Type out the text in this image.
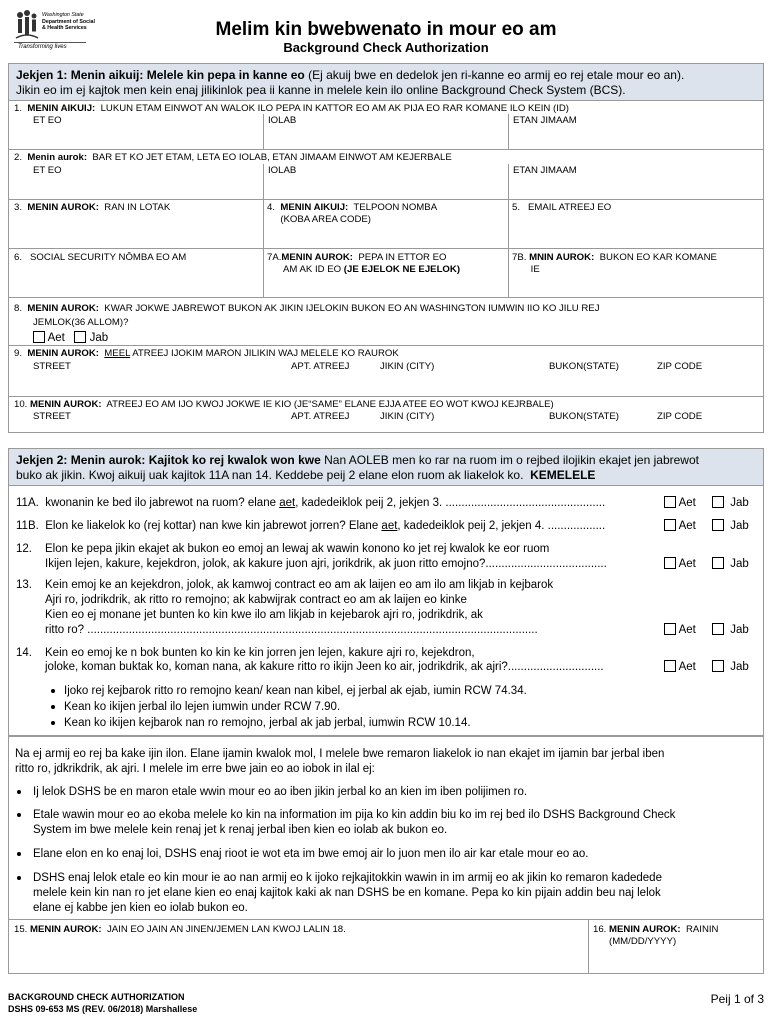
Washington State
Department of Social
& Health Services
Transforming lives
Melim kin bwebwenato in mour eo am
Background Check Authorization
Jekjen 1: Menin aikuij: Melele kin pepa in kanne eo (Ej akuij bwe en dedelok jen ri-kanne eo armij eo rej etale mour eo an).
Jikin eo im ej kajtok men kein enaj jilikinlok pea ii kanne in melele kein ilo online Background Check System (BCS).
1. MENIN AIKUIJ: LUKUN ETAM EINWOT AN WALOK ILO PEPA IN KATTOR EO AM AK PIJA EO RAR KOMANE ILO KEIN (ID)
ET EO	IOLAB	ETAN JIMAAM
2. Menin aurok: BAR ET KO JET ETAM, LETA EO IOLAB, ETAN JIMAAM EINWOT AM KEJERBALE
ET EO	IOLAB	ETAN JIMAAM
3. MENIN AUROK: RAN IN LOTAK	4. MENIN AIKUIJ: TELPOON NOMBA
(KOBA AREA CODE)
5. EMAIL ATREEJ EO
6. SOCIAL SECURITY NŌMBA EO AM	7A.MENIN AUROK: PEPA IN ETTOR EO
AM AK ID EO (JE EJELOK NE EJELOK)
7B. MNIN AUROK: BUKON EO KAR KOMANE
IE
8. MENIN AUROK: KWAR JOKWE JABREWOT BUKON AK JIKIN IJELOKIN BUKON EO AN WASHINGTON IUMWIN IIO KO JILU REJ
JEMLOK(36 ALLOM)?
Aet Jab
9. MENIN AUROK: MEEL ATREEJ IJOKIM MARON JILIKIN WAJ MELELE KO RAUROK
STREET	APT. ATREEJ	JIKIN (CITY)	BUKON(STATE)	ZIP CODE
10. MENIN AUROK: ATREEJ EO AM IJO KWOJ JOKWE IE KIO (JE“SAME” ELANE EJJA ATEE EO WOT KWOJ KEJRBALE)
STREET	APT. ATREEJ	JIKIN (CITY)	BUKON(STATE)	ZIP CODE
Jekjen 2: Menin aurok: Kajitok ko rej kwalok won kwe Nan AOLEB men ko rar na ruom im o rejbed ilojikin ekajet jen jabrewot
buko ak jikin. Kwoj aikuij uak kajitok 11A nan 14. Keddebe peij 2 elane elon ruom ak liakelok ko. KEMELELE
11A. kwonanin ke bed ilo jabrewot na ruom? elane aet, kadedeiklok peij 2, jekjen 3. ..................................................	Aet	Jab
11B. Elon ke liakelok ko (rej kottar) nan kwe kin jabrewot jorren? Elane aet, kadedeiklok peij 2, jekjen 4. ..................	Aet	Jab
12. Elon ke pepa jikin ekajet ak bukon eo emoj an lewaj ak wawin konono ko jet rej kwalok ke eor ruom
Ikijen lejen, kakure, kejekdron, jolok, ak kakure juon ajri, jorikdrik, ak juon ritto emojno?......................................	Aet	Jab
13. Kein emoj ke an kejekdron, jolok, ak kamwoj contract eo am ak laijen eo am ilo am likjab in kejbarok
Ajri ro, jodrikdrik, ak ritto ro remojno; ak kabwijrak contract eo am ak laijen eo kinke
Kien eo ej monane jet bunten ko kin kwe ilo am likjab in kejebarok ajri ro, jodrikdrik, ak
ritto ro? .............................................................................................................................................	Aet	Jab
14. Kein eo emoj ke n bok bunten ko kin ke kin jorren jen lejen, kakure ajri ro, kejekdron,
joloke, koman buktak ko, koman nana, ak kakure ritto ro ikijn Jeen ko air, jodrikdrik, ak ajri?..............................	Aet	Jab
Ijoko rej kejbarok ritto ro remojno kean/ kean nan kibel, ej jerbal ak ejab, iumin RCW 74.34.
Kean ko ikijen jerbal ilo lejen iumwin under RCW 7.90.
Kean ko ikijen kejbarok nan ro remojno, jerbal ak jab jerbal, iumwin RCW 10.14.
Na ej armij eo rej ba kake ijin ilon. Elane ijamin kwalok mol, I melele bwe remaron liakelok io nan ekajet im ijamin bar jerbal iben
ritto ro, jdkrikdrik, ak ajri. I melele im erre bwe jain eo ao iobok in ilal ej:
Ij lelok DSHS be en maron etale wwin mour eo ao iben jikin jerbal ko an kien im iben polijimen ro.
Etale wawin mour eo ao ekoba melele ko kin na information im pija ko kin addin biu ko im rej bed ilo DSHS Background Check
System im bwe melele kein renaj jet k renaj jerbal iben kien eo iolab ak bukon eo.
Elane elon en ko enaj loi, DSHS enaj rioot ie wot eta im bwe emoj air lo juon men ilo air kar etale mour eo ao.
DSHS enaj lelok etale eo kin mour ie ao nan armij eo k ijoko rejkajitokkin wawin in im armij eo ak jikin ko remaron kadedede
melele kein kin nan ro jet elane kien eo enaj kajitok kaki ak nan DSHS be en komane. Pepa ko kin pijain addin beu naj lelok
elane ej kabbe jen kien eo iolab bukon eo.
15. MENIN AUROK: JAIN EO JAIN AN JINEN/JEMEN LAN KWOJ LALIN 18.	16. MENIN AUROK: RAININ
(MM/DD/YYYY)
BACKGROUND CHECK AUTHORIZATION
DSHS 09-653 MS (REV. 06/2018) Marshallese
Peij 1 of 3
